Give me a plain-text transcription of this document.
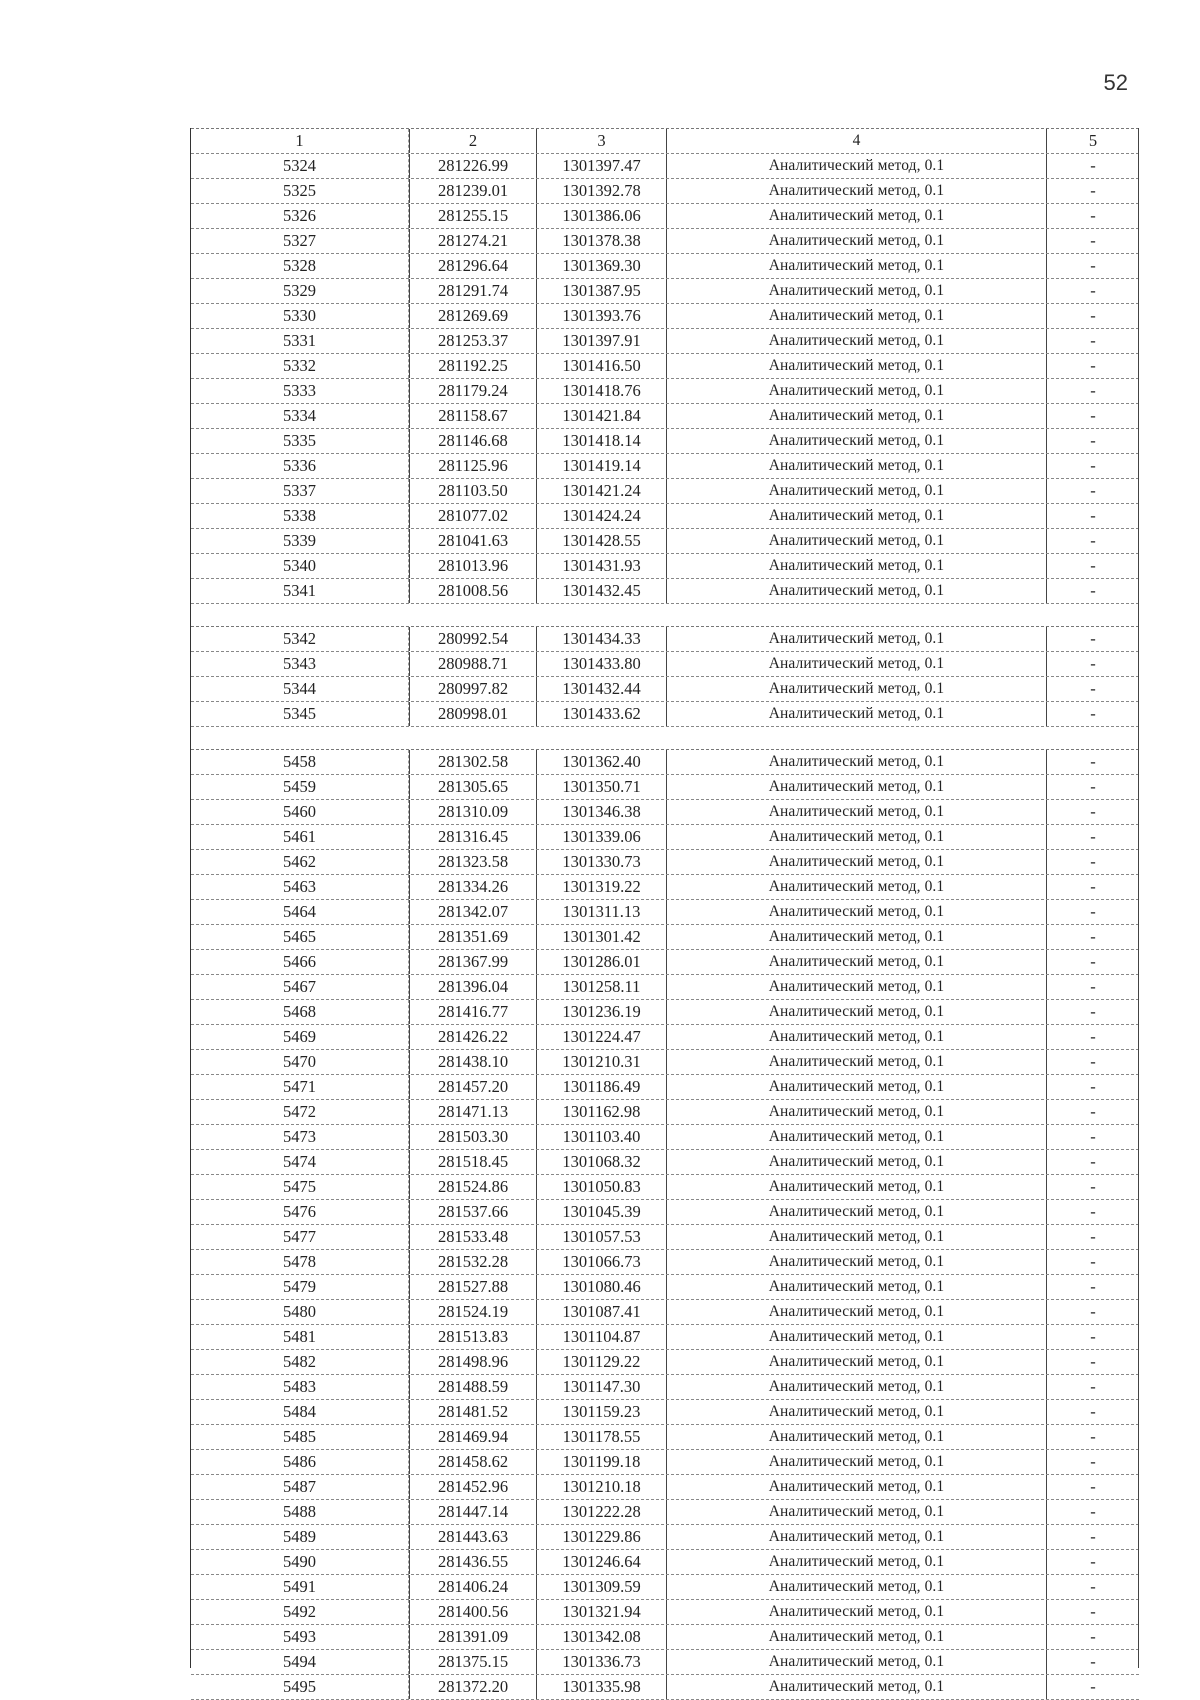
52
1	2	3	4	5
5324	281226.99	1301397.47	Аналитический метод, 0.1	-
5325	281239.01	1301392.78	Аналитический метод, 0.1	-
5326	281255.15	1301386.06	Аналитический метод, 0.1	-
5327	281274.21	1301378.38	Аналитический метод, 0.1	-
5328	281296.64	1301369.30	Аналитический метод, 0.1	-
5329	281291.74	1301387.95	Аналитический метод, 0.1	-
5330	281269.69	1301393.76	Аналитический метод, 0.1	-
5331	281253.37	1301397.91	Аналитический метод, 0.1	-
5332	281192.25	1301416.50	Аналитический метод, 0.1	-
5333	281179.24	1301418.76	Аналитический метод, 0.1	-
5334	281158.67	1301421.84	Аналитический метод, 0.1	-
5335	281146.68	1301418.14	Аналитический метод, 0.1	-
5336	281125.96	1301419.14	Аналитический метод, 0.1	-
5337	281103.50	1301421.24	Аналитический метод, 0.1	-
5338	281077.02	1301424.24	Аналитический метод, 0.1	-
5339	281041.63	1301428.55	Аналитический метод, 0.1	-
5340	281013.96	1301431.93	Аналитический метод, 0.1	-
5341	281008.56	1301432.45	Аналитический метод, 0.1	-
5342	280992.54	1301434.33	Аналитический метод, 0.1	-
5343	280988.71	1301433.80	Аналитический метод, 0.1	-
5344	280997.82	1301432.44	Аналитический метод, 0.1	-
5345	280998.01	1301433.62	Аналитический метод, 0.1	-
5458	281302.58	1301362.40	Аналитический метод, 0.1	-
5459	281305.65	1301350.71	Аналитический метод, 0.1	-
5460	281310.09	1301346.38	Аналитический метод, 0.1	-
5461	281316.45	1301339.06	Аналитический метод, 0.1	-
5462	281323.58	1301330.73	Аналитический метод, 0.1	-
5463	281334.26	1301319.22	Аналитический метод, 0.1	-
5464	281342.07	1301311.13	Аналитический метод, 0.1	-
5465	281351.69	1301301.42	Аналитический метод, 0.1	-
5466	281367.99	1301286.01	Аналитический метод, 0.1	-
5467	281396.04	1301258.11	Аналитический метод, 0.1	-
5468	281416.77	1301236.19	Аналитический метод, 0.1	-
5469	281426.22	1301224.47	Аналитический метод, 0.1	-
5470	281438.10	1301210.31	Аналитический метод, 0.1	-
5471	281457.20	1301186.49	Аналитический метод, 0.1	-
5472	281471.13	1301162.98	Аналитический метод, 0.1	-
5473	281503.30	1301103.40	Аналитический метод, 0.1	-
5474	281518.45	1301068.32	Аналитический метод, 0.1	-
5475	281524.86	1301050.83	Аналитический метод, 0.1	-
5476	281537.66	1301045.39	Аналитический метод, 0.1	-
5477	281533.48	1301057.53	Аналитический метод, 0.1	-
5478	281532.28	1301066.73	Аналитический метод, 0.1	-
5479	281527.88	1301080.46	Аналитический метод, 0.1	-
5480	281524.19	1301087.41	Аналитический метод, 0.1	-
5481	281513.83	1301104.87	Аналитический метод, 0.1	-
5482	281498.96	1301129.22	Аналитический метод, 0.1	-
5483	281488.59	1301147.30	Аналитический метод, 0.1	-
5484	281481.52	1301159.23	Аналитический метод, 0.1	-
5485	281469.94	1301178.55	Аналитический метод, 0.1	-
5486	281458.62	1301199.18	Аналитический метод, 0.1	-
5487	281452.96	1301210.18	Аналитический метод, 0.1	-
5488	281447.14	1301222.28	Аналитический метод, 0.1	-
5489	281443.63	1301229.86	Аналитический метод, 0.1	-
5490	281436.55	1301246.64	Аналитический метод, 0.1	-
5491	281406.24	1301309.59	Аналитический метод, 0.1	-
5492	281400.56	1301321.94	Аналитический метод, 0.1	-
5493	281391.09	1301342.08	Аналитический метод, 0.1	-
5494	281375.15	1301336.73	Аналитический метод, 0.1	-
5495	281372.20	1301335.98	Аналитический метод, 0.1	-
